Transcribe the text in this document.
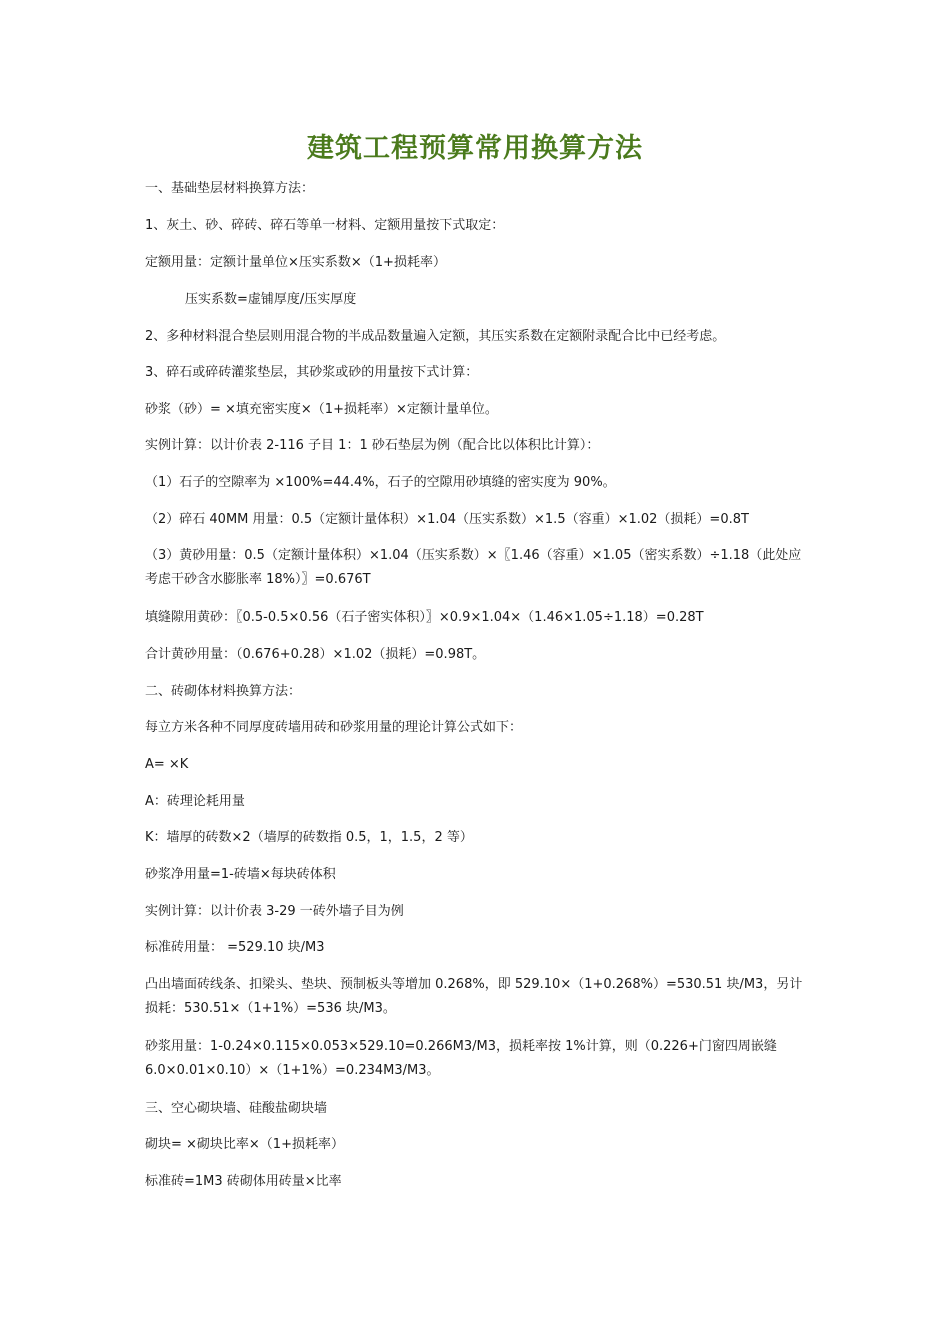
建筑工程预算常用换算方法
一、基础垫层材料换算方法：
1、灰土、砂、碎砖、碎石等单一材料、定额用量按下式取定：
定额用量：定额计量单位×压实系数×（1+损耗率）
压实系数=虚铺厚度/压实厚度
2、多种材料混合垫层则用混合物的半成品数量遍入定额，其压实系数在定额附录配合比中已经考虑。
3、碎石或碎砖灌浆垫层，其砂浆或砂的用量按下式计算：
砂浆（砂）= ×填充密实度×（1+损耗率）×定额计量单位。
实例计算：以计价表 2-116 子目 1：1 砂石垫层为例（配合比以体积比计算）：
（1）石子的空隙率为 ×100%=44.4%，石子的空隙用砂填缝的密实度为 90%。
（2）碎石 40MM 用量：0.5（定额计量体积）×1.04（压实系数）×1.5（容重）×1.02（损耗）=0.8T
（3）黄砂用量：0.5（定额计量体积）×1.04（压实系数）×〖1.46（容重）×1.05（密实系数）÷1.18（此处应考虑干砂含水膨胀率 18%）〗=0.676T
填缝隙用黄砂：〖0.5-0.5×0.56（石子密实体积）〗×0.9×1.04×（1.46×1.05÷1.18）=0.28T
合计黄砂用量：（0.676+0.28）×1.02（损耗）=0.98T。
二、砖砌体材料换算方法：
每立方米各种不同厚度砖墙用砖和砂浆用量的理论计算公式如下：
A= ×K
A：砖理论耗用量
K：墙厚的砖数×2（墙厚的砖数指 0.5，1，1.5，2 等）
砂浆净用量=1-砖墙×每块砖体积
实例计算：以计价表 3-29 一砖外墙子目为例
标准砖用量： =529.10 块/M3
凸出墙面砖线条、扣梁头、垫块、预制板头等增加 0.268%，即 529.10×（1+0.268%）=530.51 块/M3，另计损耗：530.51×（1+1%）=536 块/M3。
砂浆用量：1-0.24×0.115×0.053×529.10=0.266M3/M3，损耗率按 1%计算，则（0.226+门窗四周嵌缝 6.0×0.01×0.10）×（1+1%）=0.234M3/M3。
三、空心砌块墙、硅酸盐砌块墙
砌块= ×砌块比率×（1+损耗率）
标准砖=1M3 砖砌体用砖量×比率
